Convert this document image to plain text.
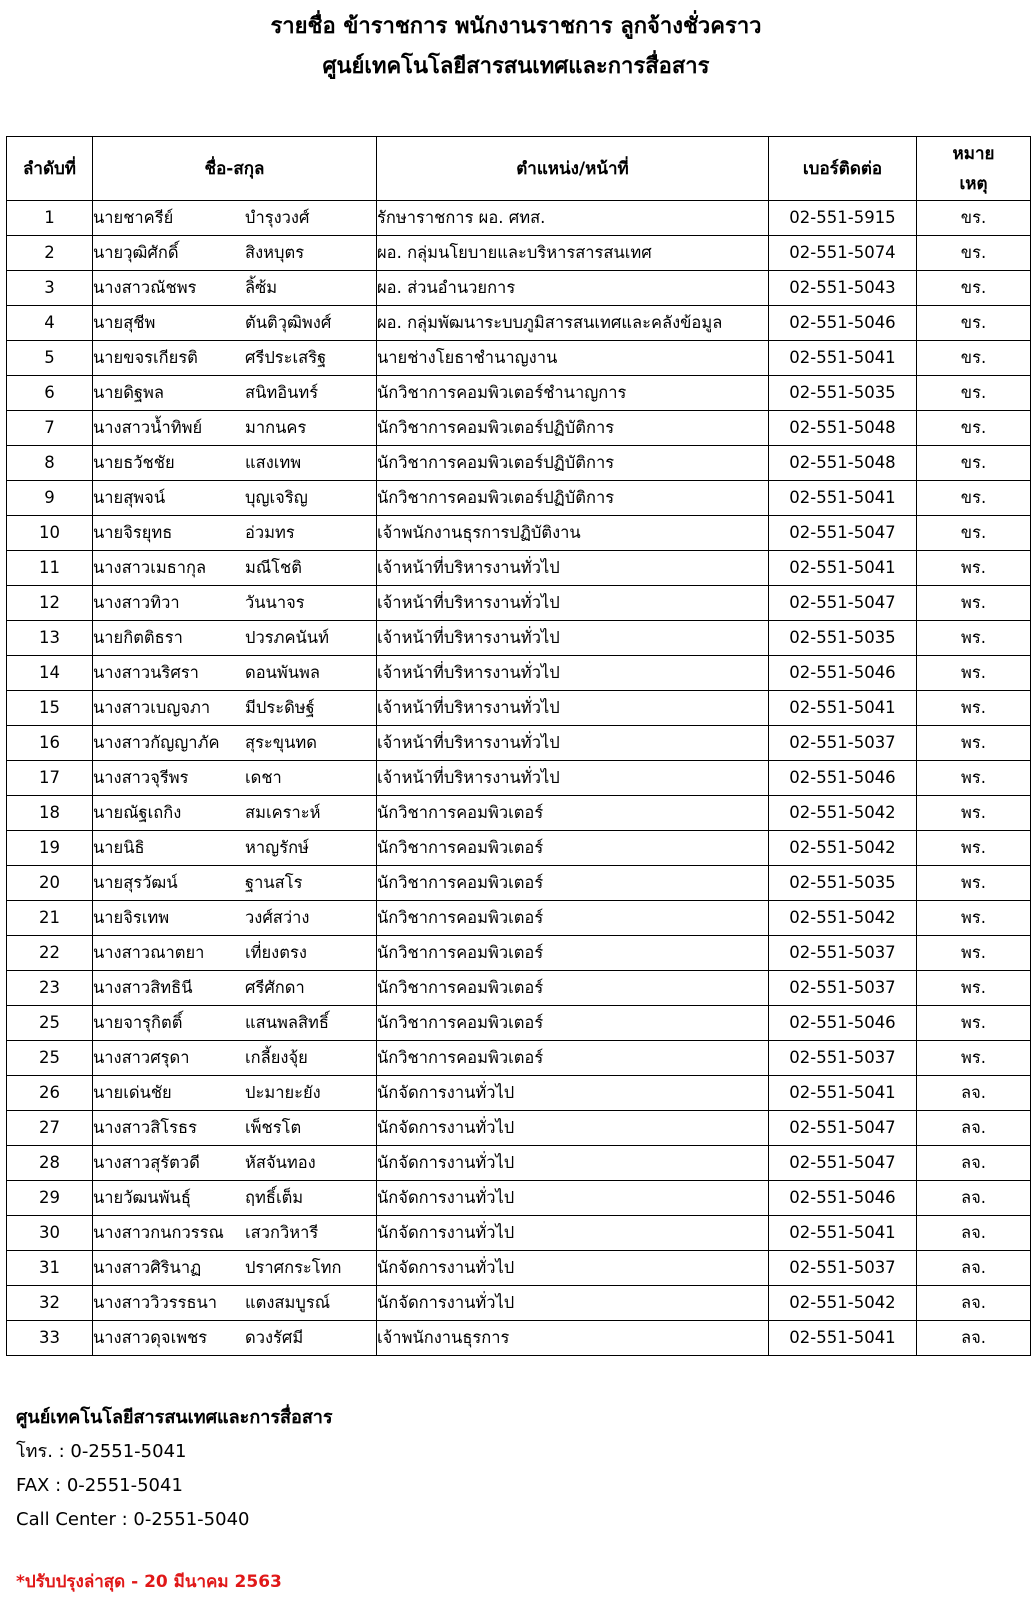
รายชื่อ ข้าราชการ พนักงานราชการ ลูกจ้างชั่วคราว
ศูนย์เทคโนโลยีสารสนเทศและการสื่อสาร
ลำดับที่	ชื่อ-สกุล	ตำแหน่ง/หน้าที่	เบอร์ติดต่อ	หมาย
เหตุ
1	นายชาครีย์ บำรุงวงศ์	รักษาราชการ ผอ. ศทส.	02-551-5915	ขร.
2	นายวุฒิศักดิ์ สิงหบุตร	ผอ. กลุ่มนโยบายและบริหารสารสนเทศ	02-551-5074	ขร.
3	นางสาวณัชพร ลิ้ซ้ม	ผอ. ส่วนอำนวยการ	02-551-5043	ขร.
4	นายสุชีพ ตันติวุฒิพงศ์	ผอ. กลุ่มพัฒนาระบบภูมิสารสนเทศและคลังข้อมูล	02-551-5046	ขร.
5	นายขจรเกียรติ ศรีประเสริฐ	นายช่างโยธาชำนาญงาน	02-551-5041	ขร.
6	นายดิฐพล สนิทอินทร์	นักวิชาการคอมพิวเตอร์ชำนาญการ	02-551-5035	ขร.
7	นางสาวน้ำทิพย์ มากนคร	นักวิชาการคอมพิวเตอร์ปฏิบัติการ	02-551-5048	ขร.
8	นายธวัชชัย แสงเทพ	นักวิชาการคอมพิวเตอร์ปฏิบัติการ	02-551-5048	ขร.
9	นายสุพจน์ บุญเจริญ	นักวิชาการคอมพิวเตอร์ปฏิบัติการ	02-551-5041	ขร.
10	นายจิรยุทธ อ่วมทร	เจ้าพนักงานธุรการปฏิบัติงาน	02-551-5047	ขร.
11	นางสาวเมธากุล มณีโชติ	เจ้าหน้าที่บริหารงานทั่วไป	02-551-5041	พร.
12	นางสาวทิวา วันนาจร	เจ้าหน้าที่บริหารงานทั่วไป	02-551-5047	พร.
13	นายกิตติธรา ปวรภคนันท์	เจ้าหน้าที่บริหารงานทั่วไป	02-551-5035	พร.
14	นางสาวนริศรา ดอนพันพล	เจ้าหน้าที่บริหารงานทั่วไป	02-551-5046	พร.
15	นางสาวเบญจภา มีประดิษฐ์	เจ้าหน้าที่บริหารงานทั่วไป	02-551-5041	พร.
16	นางสาวกัญญาภัค สุระขุนทด	เจ้าหน้าที่บริหารงานทั่วไป	02-551-5037	พร.
17	นางสาวจุรีพร เดชา	เจ้าหน้าที่บริหารงานทั่วไป	02-551-5046	พร.
18	นายณัฐเถกิง สมเคราะห์	นักวิชาการคอมพิวเตอร์	02-551-5042	พร.
19	นายนิธิ หาญรักษ์	นักวิชาการคอมพิวเตอร์	02-551-5042	พร.
20	นายสุรวัฒน์ ฐานสโร	นักวิชาการคอมพิวเตอร์	02-551-5035	พร.
21	นายจิรเทพ วงศ์สว่าง	นักวิชาการคอมพิวเตอร์	02-551-5042	พร.
22	นางสาวณาตยา เที่ยงตรง	นักวิชาการคอมพิวเตอร์	02-551-5037	พร.
23	นางสาวสิทธินี ศรีศักดา	นักวิชาการคอมพิวเตอร์	02-551-5037	พร.
25	นายจารุกิตติ์ แสนพลสิทธิ์	นักวิชาการคอมพิวเตอร์	02-551-5046	พร.
25	นางสาวศรุดา เกลี้ยงจุ้ย	นักวิชาการคอมพิวเตอร์	02-551-5037	พร.
26	นายเด่นชัย ปะมายะยัง	นักจัดการงานทั่วไป	02-551-5041	ลจ.
27	นางสาวสิโรธร เพ็ชรโต	นักจัดการงานทั่วไป	02-551-5047	ลจ.
28	นางสาวสุรัตวดี หัสจันทอง	นักจัดการงานทั่วไป	02-551-5047	ลจ.
29	นายวัฒนพันธุ์ ฤทธิ์เต็ม	นักจัดการงานทั่วไป	02-551-5046	ลจ.
30	นางสาวกนกวรรณ เสวกวิหารี	นักจัดการงานทั่วไป	02-551-5041	ลจ.
31	นางสาวศิรินาฏ ปราศกระโทก	นักจัดการงานทั่วไป	02-551-5037	ลจ.
32	นางสาววิวรรธนา แตงสมบูรณ์	นักจัดการงานทั่วไป	02-551-5042	ลจ.
33	นางสาวดุจเพชร ดวงรัศมี	เจ้าพนักงานธุรการ	02-551-5041	ลจ.
ศูนย์เทคโนโลยีสารสนเทศและการสื่อสาร
โทร. : 0-2551-5041
FAX : 0-2551-5041
Call Center : 0-2551-5040
*ปรับปรุงล่าสุด - 20 มีนาคม 2563
